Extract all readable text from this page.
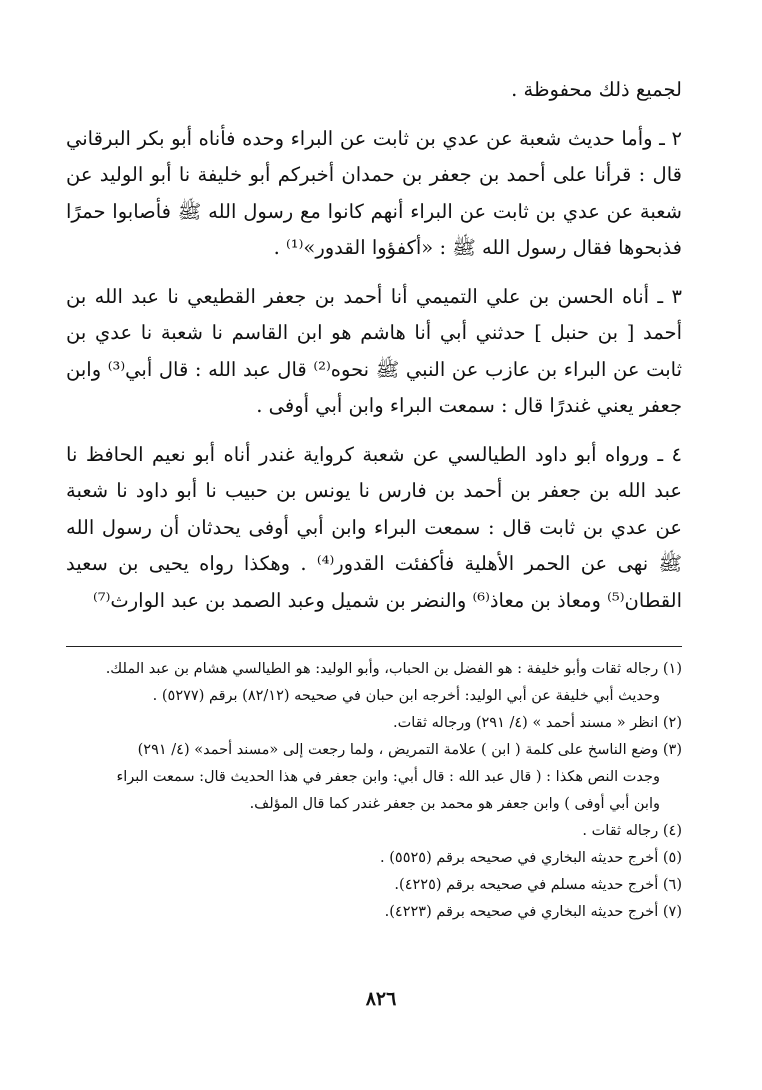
لجميع ذلك محفوظة .

٢ ـ وأما حديث شعبة عن عدي بن ثابت عن البراء وحده فأناه أبو بكر البرقاني قال : قرأنا على أحمد بن جعفر بن حمدان أخبركم أبو خليفة نا أبو الوليد عن شعبة عن عدي بن ثابت عن البراء أنهم كانوا مع رسول الله ﷺ فأصابوا حمرًا فذبحوها فقال رسول الله ﷺ : «أكفؤوا القدور»⁽¹⁾ .

٣ ـ أناه الحسن بن علي التميمي أنا أحمد بن جعفر القطيعي نا عبد الله بن أحمد [ بن حنبل ] حدثني أبي أنا هاشم هو ابن القاسم نا شعبة نا عدي بن ثابت عن البراء بن عازب عن النبي ﷺ نحوه⁽²⁾ قال عبد الله : قال أبي⁽³⁾ وابن جعفر يعني غندرًا قال : سمعت البراء وابن أبي أوفى .

٤ ـ ورواه أبو داود الطيالسي عن شعبة كرواية غندر أناه أبو نعيم الحافظ نا عبد الله بن جعفر بن أحمد بن فارس نا يونس بن حبيب نا أبو داود نا شعبة عن عدي بن ثابت قال : سمعت البراء وابن أبي أوفى يحدثان أن رسول الله ﷺ نهى عن الحمر الأهلية فأكفئت القدور⁽⁴⁾ . وهكذا رواه يحيى بن سعيد القطان⁽⁵⁾ ومعاذ بن معاذ⁽⁶⁾ والنضر بن شميل وعبد الصمد بن عبد الوارث⁽⁷⁾

(١) رجاله ثقات وأبو خليفة : هو الفضل بن الحباب، وأبو الوليد: هو الطيالسي هشام بن عبد الملك.

وحديث أبي خليفة عن أبي الوليد: أخرجه ابن حبان في صحيحه (٨٢/١٢) برقم (٥٢٧٧) .

(٢) انظر « مسند أحمد » (٤/ ٢٩١) ورجاله ثقات.

(٣) وضع الناسخ على كلمة ( ابن ) علامة التمريض ، ولما رجعت إلى «مسند أحمد» (٤/ ٢٩١)

وجدت النص هكذا : ( قال عبد الله : قال أبي: وابن جعفر في هذا الحديث قال: سمعت البراء

وابن أبي أوفى ) وابن جعفر هو محمد بن جعفر غندر كما قال المؤلف.

(٤) رجاله ثقات .

(٥) أخرج حديثه البخاري في صحيحه برقم (٥٥٢٥) .

(٦) أخرج حديثه مسلم في صحيحه برقم (٤٢٢٥).

(٧) أخرج حديثه البخاري في صحيحه برقم (٤٢٢٣).

٨٢٦
